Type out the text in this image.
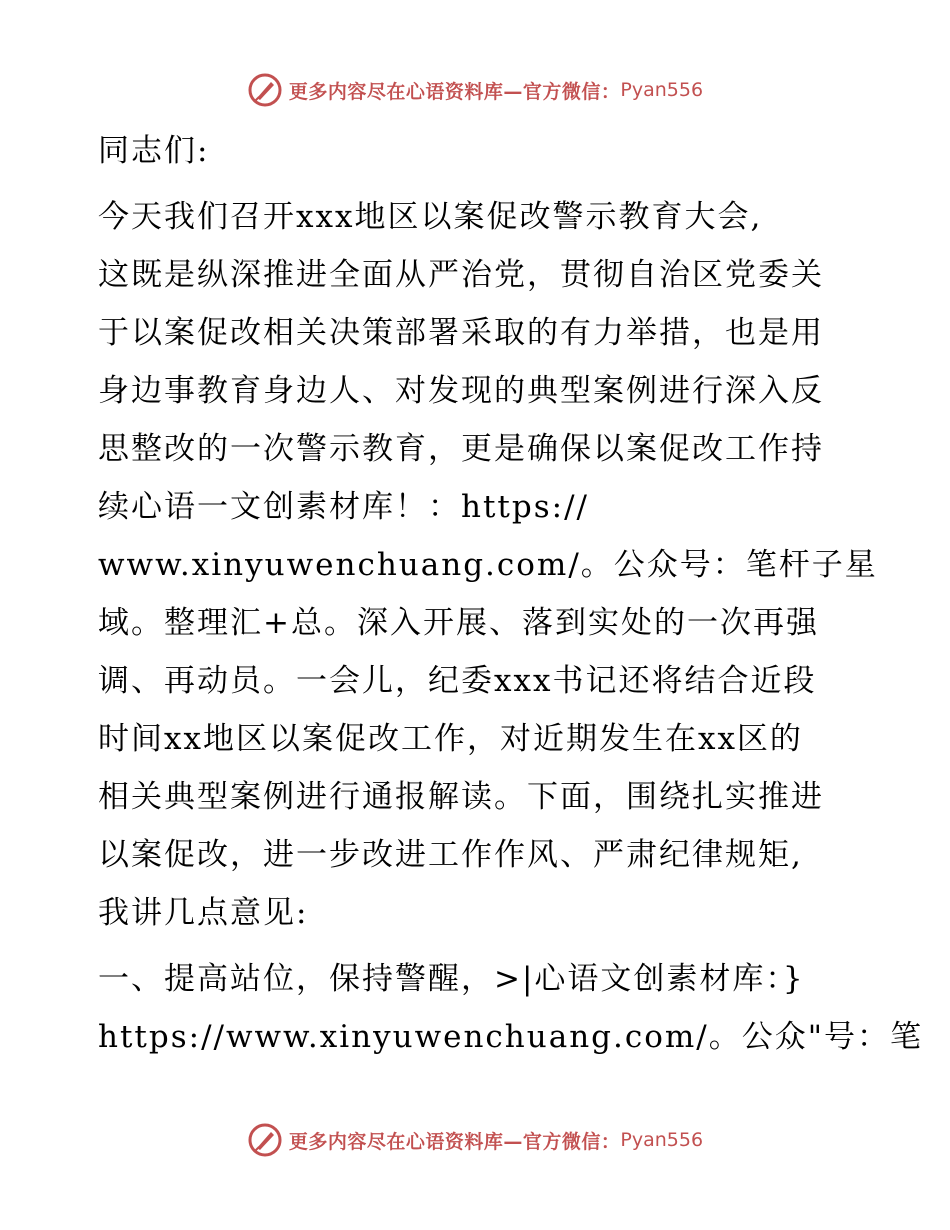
更多内容尽在心语资料库—官方微信： Pyan556
同志们:
今天我们召开xxx地区以案促改警示教育大会,
这既是纵深推进全面从严治党，贯彻自治区党委关
于以案促改相关决策部署采取的有力举措，也是用
身边事教育身边人、对发现的典型案例进行深入反
思整改的一次警示教育，更是确保以案促改工作持
续心语一文创素材库！：https://
www.xinyuwenchuang.com/。公众号：笔杆子星
域。整理汇+总。深入开展、落到实处的一次再强
调、再动员。一会儿，纪委xxx书记还将结合近段
时间xx地区以案促改工作，对近期发生在xx区的
相关典型案例进行通报解读。下面，围绕扎实推进
以案促改，进一步改进工作作风、严肃纪律规矩,
我讲几点意见:
一、提高站位，保持警醒，>|心语文创素材库：}
https://www.xinyuwenchuang.com/。公众"号：笔
更多内容尽在心语资料库—官方微信： Pyan556
